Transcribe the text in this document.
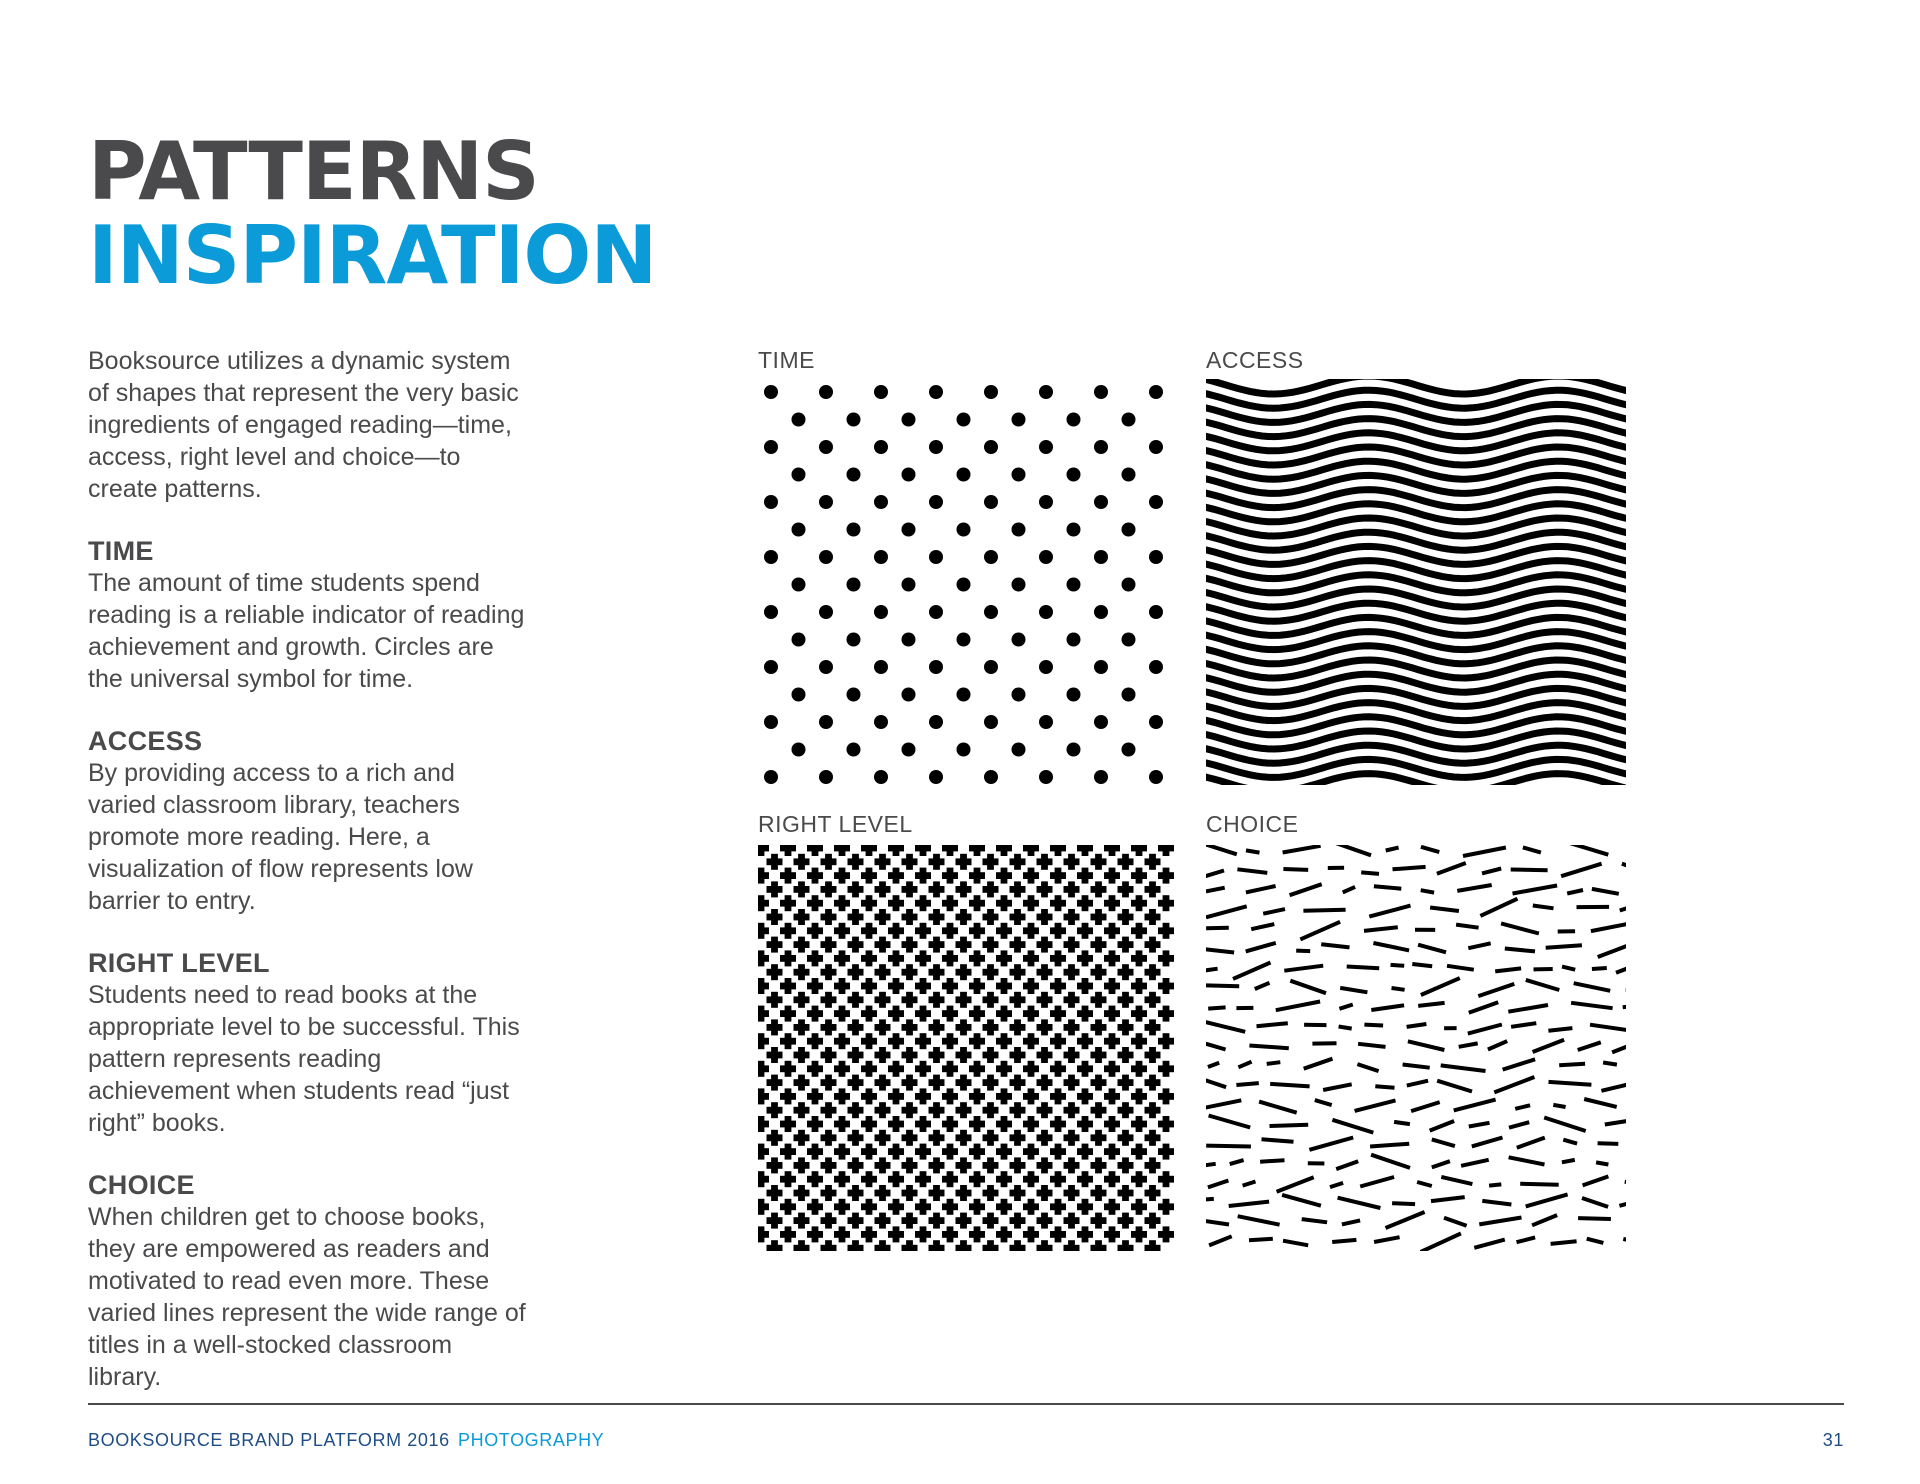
PATTERNS
INSPIRATION

Booksource utilizes a dynamic system of shapes that represent the very basic ingredients of engaged reading—time, access, right level and choice—to create patterns.

TIME

The amount of time students spend reading is a reliable indicator of reading achievement and growth. Circles are the universal symbol for time.

ACCESS

By providing access to a rich and varied classroom library, teachers promote more reading. Here, a visualization of flow represents low barrier to entry.

RIGHT LEVEL

Students need to read books at the appropriate level to be successful. This pattern represents reading achievement when students read “just right” books.

CHOICE

When children get to choose books, they are empowered as readers and motivated to read even more. These varied lines represent the wide range of titles in a well-stocked classroom library.

TIME	ACCESS
RIGHT LEVEL	CHOICE
BOOKSOURCE BRAND PLATFORM 2016 PHOTOGRAPHY	31
